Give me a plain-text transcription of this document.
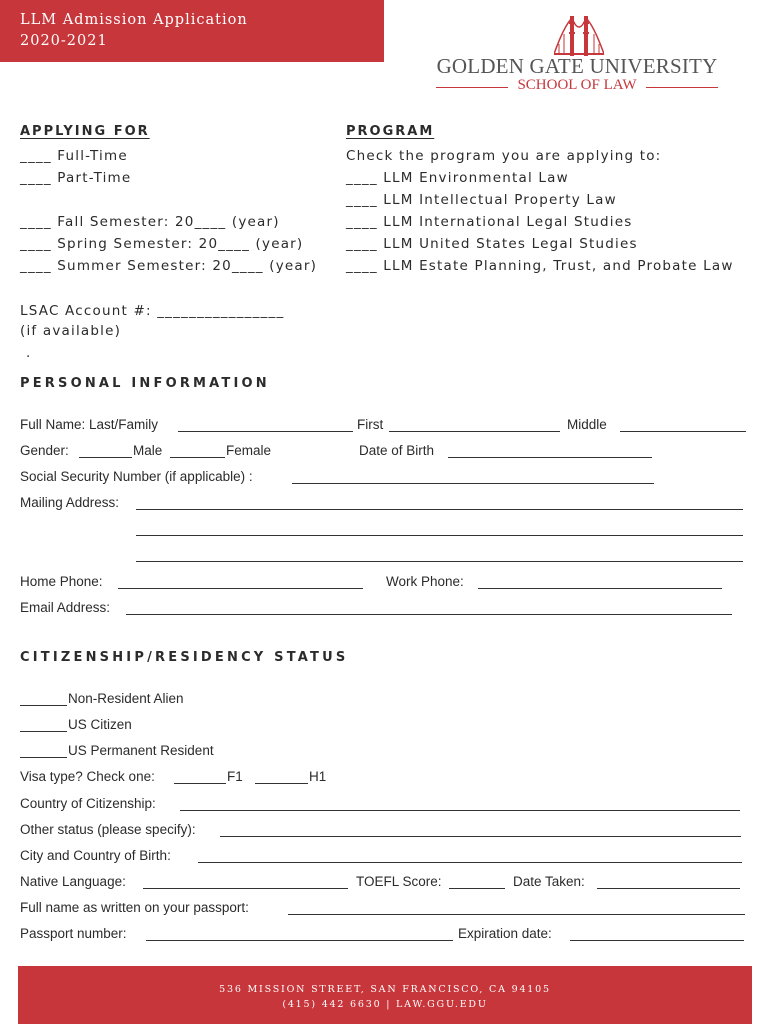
LLM Admission Application
2020-2021
GOLDEN GATE UNIVERSITY
SCHOOL OF LAW
APPLYING FOR
____ Full-Time
____ Part-Time
____ Fall Semester: 20____ (year)
____ Spring Semester: 20____ (year)
____ Summer Semester: 20____ (year)
PROGRAM
Check the program you are applying to:
____ LLM Environmental Law
____ LLM Intellectual Property Law
____ LLM International Legal Studies
____ LLM United States Legal Studies
____ LLM Estate Planning, Trust, and Probate Law
LSAC Account #: ________________
(if available)
.
PERSONAL INFORMATION
Full Name: Last/Family	First	Middle
Gender:	Male	Female	Date of Birth
Social Security Number (if applicable) :
Mailing Address:
Home Phone:	Work Phone:
Email Address:
CITIZENSHIP/RESIDENCY STATUS
Non-Resident Alien
US Citizen
US Permanent Resident
Visa type? Check one:	F1	H1
Country of Citizenship:
Other status (please specify):
City and Country of Birth:
Native Language:	TOEFL Score:	Date Taken:
Full name as written on your passport:
Passport number:	Expiration date:
536 MISSION STREET, SAN FRANCISCO, CA 94105
(415) 442 6630 | LAW.GGU.EDU
